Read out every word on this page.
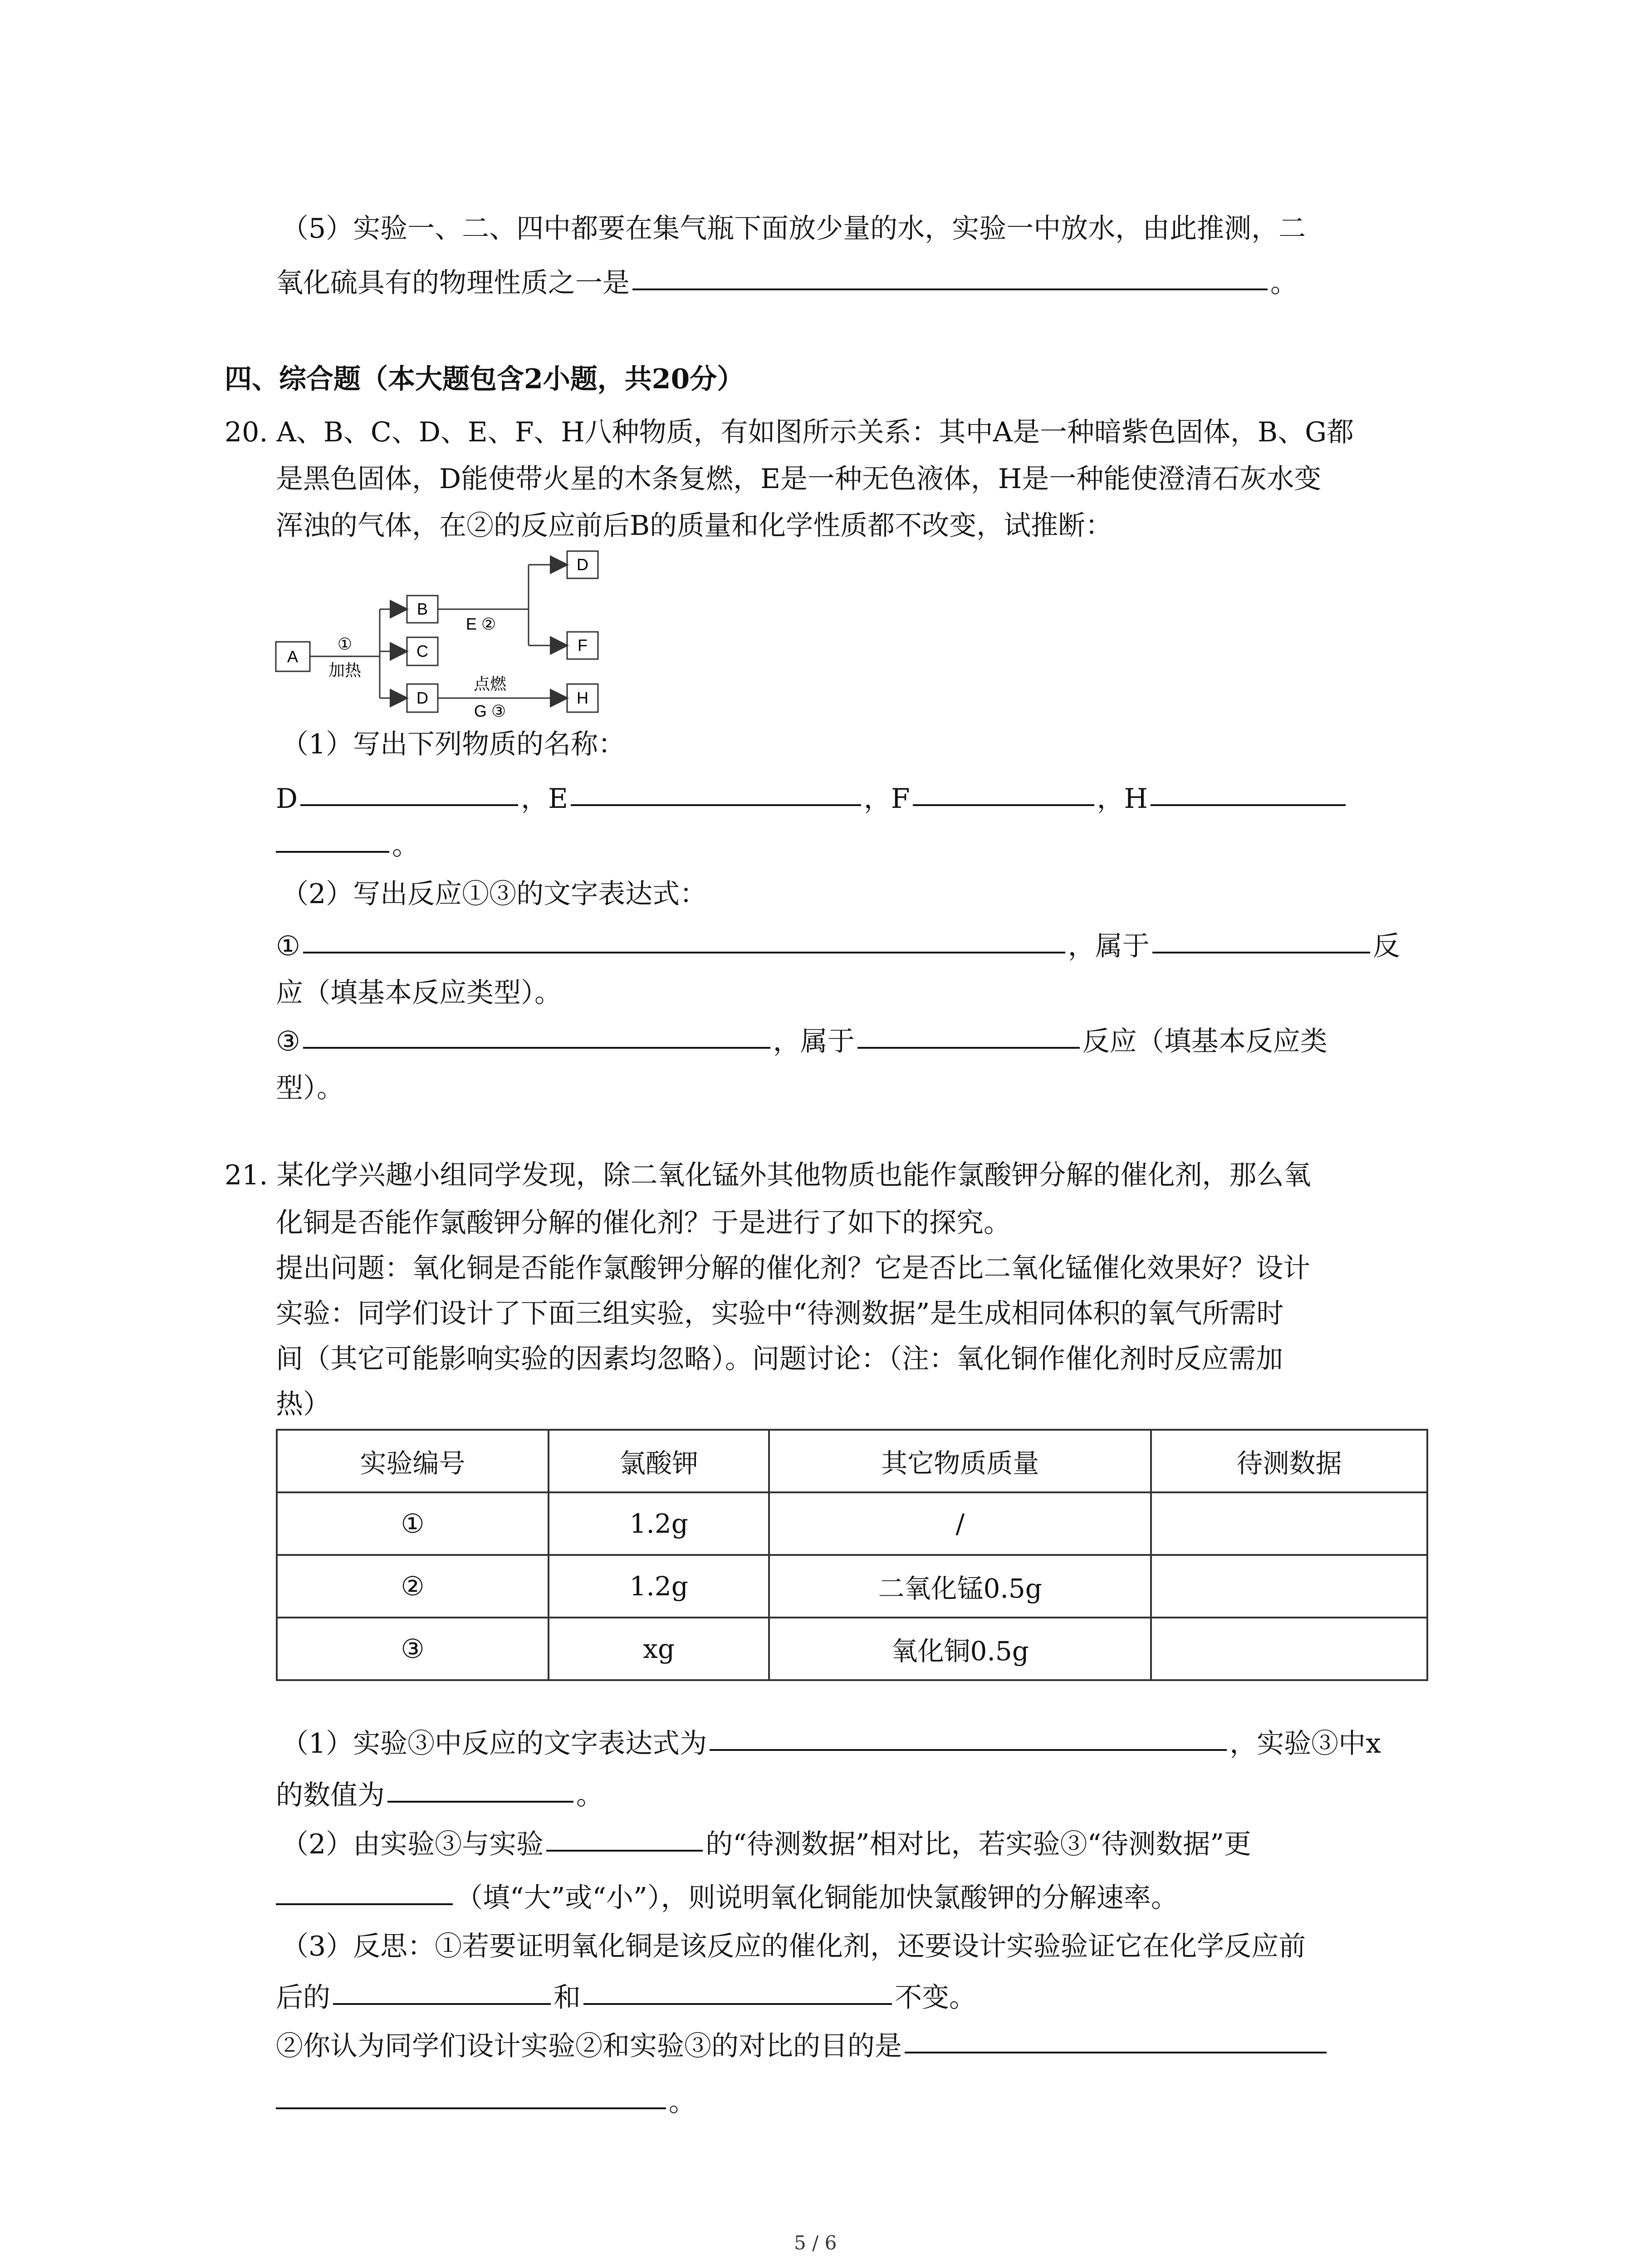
（5）实验一、二、四中都要在集气瓶下面放少量的水，实验一中放水，由此推测，二
氧化硫具有的物理性质之一是	。
四、综合题（本大题包含2小题，共20分）
20. A、B、C、D、E、F、H八种物质，有如图所示关系：其中A是一种暗紫色固体，B、G都
是黑色固体，D能使带火星的木条复燃，E是一种无色液体，H是一种能使澄清石灰水变
浑浊的气体，在②的反应前后B的质量和化学性质都不改变，试推断：
A
B
C
D
D
F
H
①
加热
E ②
点燃
G ③
（1）写出下列物质的名称：
D	，E	，F	，H
。
（2）写出反应①③的文字表达式：
①	，属于	反
应（填基本反应类型）。
③	，属于	反应（填基本反应类
型）。
21. 某化学兴趣小组同学发现，除二氧化锰外其他物质也能作氯酸钾分解的催化剂，那么氧
化铜是否能作氯酸钾分解的催化剂？于是进行了如下的探究。
提出问题：氧化铜是否能作氯酸钾分解的催化剂？它是否比二氧化锰催化效果好？设计
实验：同学们设计了下面三组实验，实验中“待测数据”是生成相同体积的氧气所需时
间（其它可能影响实验的因素均忽略）。问题讨论：（注：氧化铜作催化剂时反应需加
热）
实验编号	氯酸钾	其它物质质量	待测数据
①	1.2g	/	
②	1.2g	二氧化锰0.5g	
③	xg	氧化铜0.5g	
（1）实验③中反应的文字表达式为	，实验③中x
的数值为	。
（2）由实验③与实验	的“待测数据”相对比，若实验③“待测数据”更
（填“大”或“小”），则说明氧化铜能加快氯酸钾的分解速率。
（3）反思：①若要证明氧化铜是该反应的催化剂，还要设计实验验证它在化学反应前
后的	和	不变。
②你认为同学们设计实验②和实验③的对比的目的是
。
5 / 6
